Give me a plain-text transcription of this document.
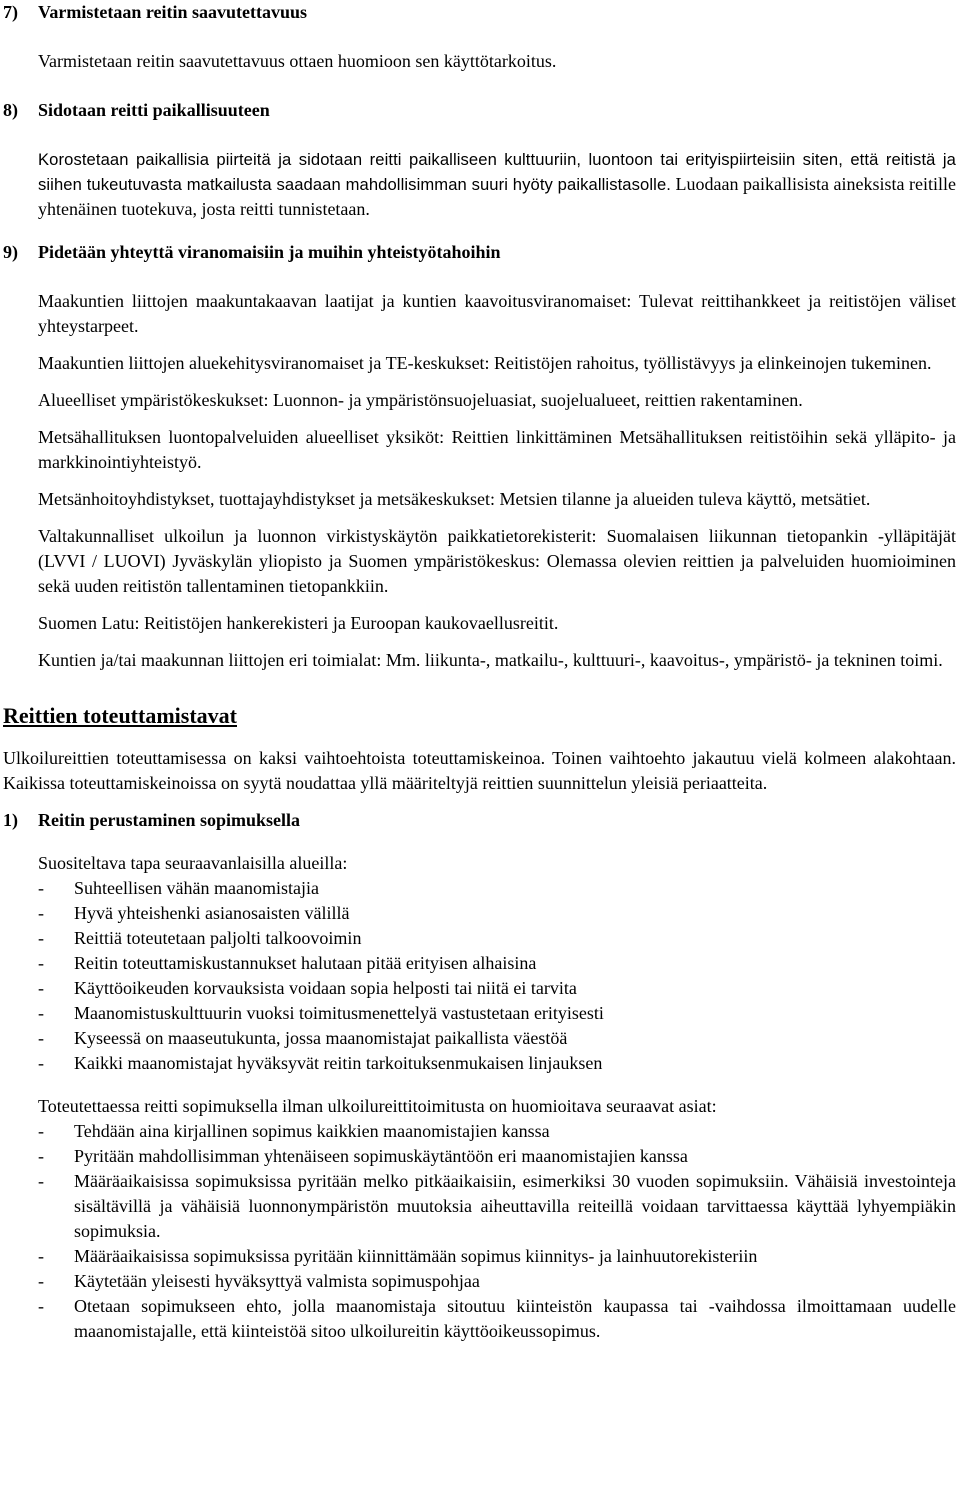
7) Varmistetaan reitin saavutettavuus

Varmistetaan reitin saavutettavuus ottaen huomioon sen käyttötarkoitus.

8) Sidotaan reitti paikallisuuteen

Korostetaan paikallisia piirteitä ja sidotaan reitti paikalliseen kulttuuriin, luontoon tai erityispiirteisiin siten, että reitistä ja siihen tukeutuvasta matkailusta saadaan mahdollisimman suuri hyöty paikallistasolle. Luodaan paikallisista aineksista reitille yhtenäinen tuotekuva, josta reitti tunnistetaan.

9) Pidetään yhteyttä viranomaisiin ja muihin yhteistyötahoihin

Maakuntien liittojen maakuntakaavan laatijat ja kuntien kaavoitusviranomaiset: Tulevat reittihankkeet ja reitistöjen väliset yhteystarpeet.

Maakuntien liittojen aluekehitysviranomaiset ja TE-keskukset: Reitistöjen rahoitus, työllistävyys ja elinkeinojen tukeminen.

Alueelliset ympäristökeskukset: Luonnon- ja ympäristönsuojeluasiat, suojelualueet, reittien rakentaminen.

Metsähallituksen luontopalveluiden alueelliset yksiköt: Reittien linkittäminen Metsähallituksen reitistöihin sekä ylläpito- ja markkinointiyhteistyö.

Metsänhoitoyhdistykset, tuottajayhdistykset ja metsäkeskukset: Metsien tilanne ja alueiden tuleva käyttö, metsätiet.

Valtakunnalliset ulkoilun ja luonnon virkistyskäytön paikkatietorekisterit: Suomalaisen liikunnan tietopankin -ylläpitäjät (LVVI / LUOVI) Jyväskylän yliopisto ja Suomen ympäristökeskus: Olemassa olevien reittien ja palveluiden huomioiminen sekä uuden reitistön tallentaminen tietopankkiin.

Suomen Latu: Reitistöjen hankerekisteri ja Euroopan kaukovaellusreitit.

Kuntien ja/tai maakunnan liittojen eri toimialat: Mm. liikunta-, matkailu-, kulttuuri-, kaavoitus-, ympäristö- ja tekninen toimi.

Reittien toteuttamistavat

Ulkoilureittien toteuttamisessa on kaksi vaihtoehtoista toteuttamiskeinoa. Toinen vaihtoehto jakautuu vielä kolmeen alakohtaan. Kaikissa toteuttamiskeinoissa on syytä noudattaa yllä määriteltyjä reittien suunnittelun yleisiä periaatteita.

1) Reitin perustaminen sopimuksella

Suositeltava tapa seuraavanlaisilla alueilla:

- Suhteellisen vähän maanomistajia
- Hyvä yhteishenki asianosaisten välillä
- Reittiä toteutetaan paljolti talkoovoimin
- Reitin toteuttamiskustannukset halutaan pitää erityisen alhaisina
- Käyttöoikeuden korvauksista voidaan sopia helposti tai niitä ei tarvita
- Maanomistuskulttuurin vuoksi toimitusmenettelyä vastustetaan erityisesti
- Kyseessä on maaseutukunta, jossa maanomistajat paikallista väestöä
- Kaikki maanomistajat hyväksyvät reitin tarkoituksenmukaisen linjauksen

Toteutettaessa reitti sopimuksella ilman ulkoilureittitoimitusta on huomioitava seuraavat asiat:

- Tehdään aina kirjallinen sopimus kaikkien maanomistajien kanssa
- Pyritään mahdollisimman yhtenäiseen sopimuskäytäntöön eri maanomistajien kanssa
- Määräaikaisissa sopimuksissa pyritään melko pitkäaikaisiin, esimerkiksi 30 vuoden sopimuksiin. Vähäisiä investointeja sisältävillä ja vähäisiä luonnonympäristön muutoksia aiheuttavilla reiteillä voidaan tarvittaessa käyttää lyhyempiäkin sopimuksia.
- Määräaikaisissa sopimuksissa pyritään kiinnittämään sopimus kiinnitys- ja lainhuutorekisteriin
- Käytetään yleisesti hyväksyttyä valmista sopimuspohjaa
- Otetaan sopimukseen ehto, jolla maanomistaja sitoutuu kiinteistön kaupassa tai -vaihdossa ilmoittamaan uudelle maanomistajalle, että kiinteistöä sitoo ulkoilureitin käyttöoikeussopimus.
